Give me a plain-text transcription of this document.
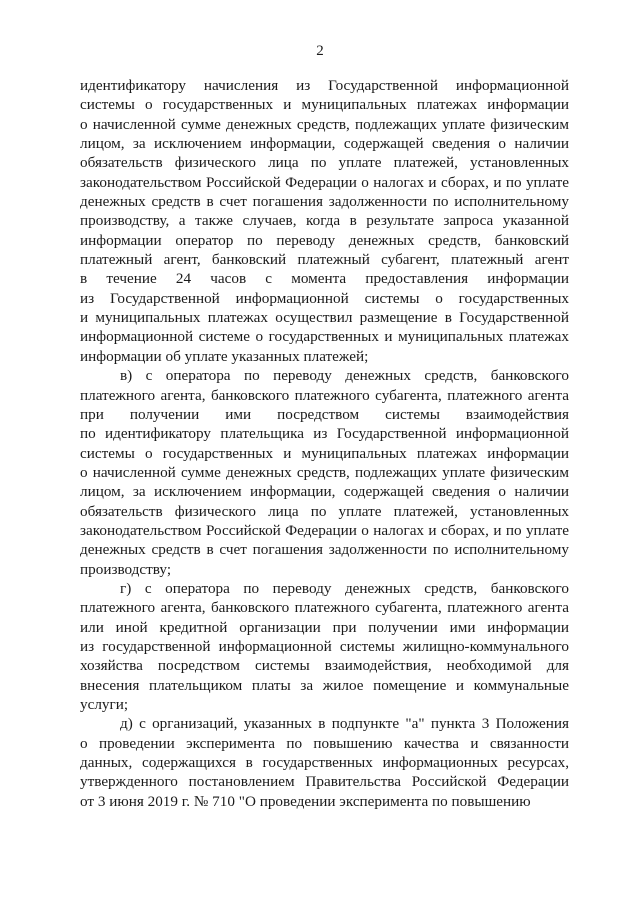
2
идентификатору начисления из Государственной информационной
системы о государственных и муниципальных платежах информации
о начисленной сумме денежных средств, подлежащих уплате физическим
лицом, за исключением информации, содержащей сведения о наличии
обязательств физического лица по уплате платежей, установленных
законодательством Российской Федерации о налогах и сборах, и по уплате
денежных средств в счет погашения задолженности по исполнительному
производству, а также случаев, когда в результате запроса указанной
информации оператор по переводу денежных средств, банковский
платежный агент, банковский платежный субагент, платежный агент
в течение 24 часов с момента предоставления информации
из Государственной информационной системы о государственных
и муниципальных платежах осуществил размещение в Государственной
информационной системе о государственных и муниципальных платежах
информации об уплате указанных платежей;
в) с оператора по переводу денежных средств, банковского
платежного агента, банковского платежного субагента, платежного агента
при получении ими посредством системы взаимодействия
по идентификатору плательщика из Государственной информационной
системы о государственных и муниципальных платежах информации
о начисленной сумме денежных средств, подлежащих уплате физическим
лицом, за исключением информации, содержащей сведения о наличии
обязательств физического лица по уплате платежей, установленных
законодательством Российской Федерации о налогах и сборах, и по уплате
денежных средств в счет погашения задолженности по исполнительному
производству;
г) с оператора по переводу денежных средств, банковского
платежного агента, банковского платежного субагента, платежного агента
или иной кредитной организации при получении ими информации
из государственной информационной системы жилищно-коммунального
хозяйства посредством системы взаимодействия, необходимой для
внесения плательщиком платы за жилое помещение и коммунальные
услуги;
д) с организаций, указанных в подпункте "а" пункта 3 Положения
о проведении эксперимента по повышению качества и связанности
данных, содержащихся в государственных информационных ресурсах,
утвержденного постановлением Правительства Российской Федерации
от 3 июня 2019 г. № 710 "О проведении эксперимента по повышению
